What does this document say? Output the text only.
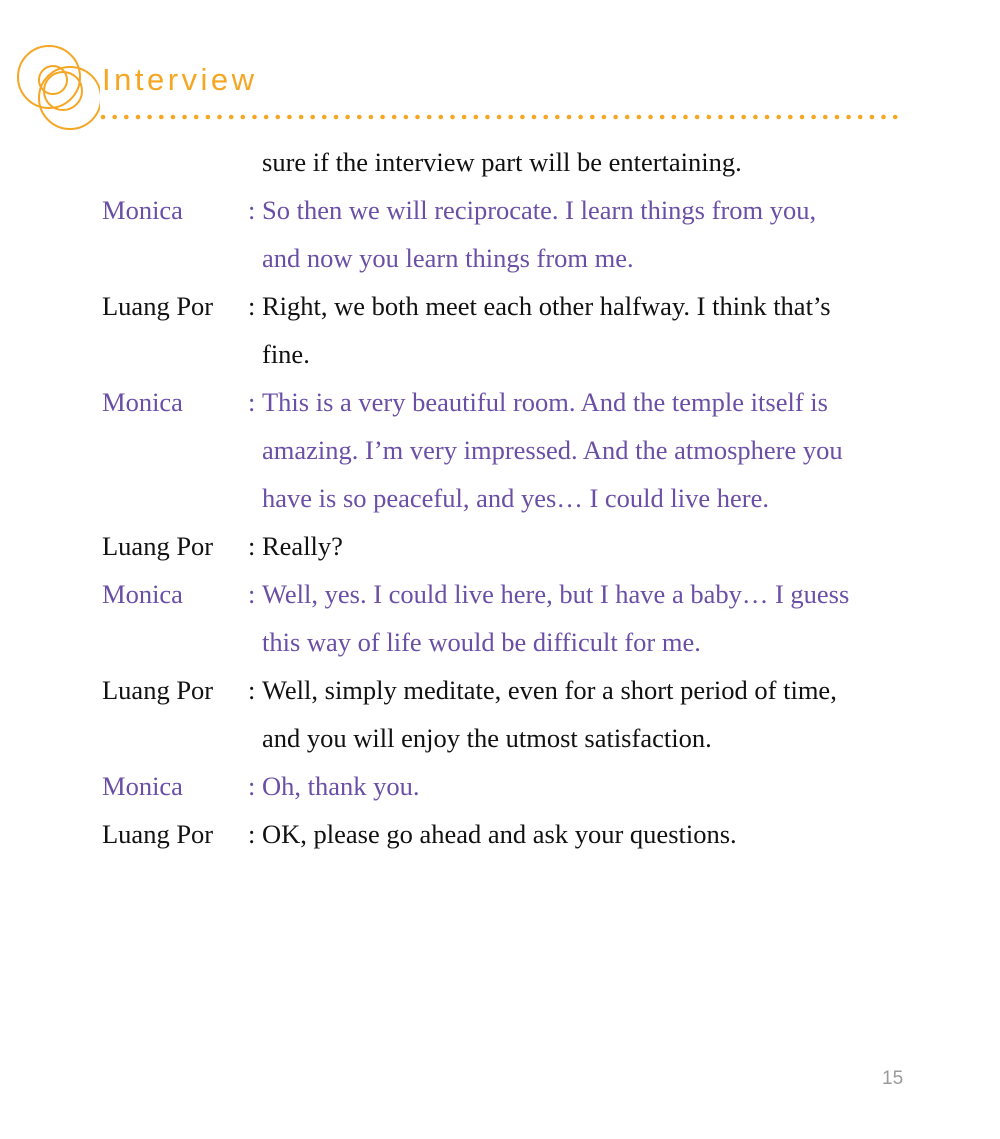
Interview
sure if the interview part will be entertaining.
Monica	: So then we will reciprocate. I learn things from you,
and now you learn things from me.
Luang Por	: Right, we both meet each other halfway. I think that’s
fine.
Monica	: This is a very beautiful room. And the temple itself is
amazing. I’m very impressed. And the atmosphere you
have is so peaceful, and yes… I could live here.
Luang Por	: Really?
Monica	: Well, yes. I could live here, but I have a baby… I guess
this way of life would be difficult for me.
Luang Por	: Well, simply meditate, even for a short period of time,
and you will enjoy the utmost satisfaction.
Monica	: Oh, thank you.
Luang Por	: OK, please go ahead and ask your questions.
15
